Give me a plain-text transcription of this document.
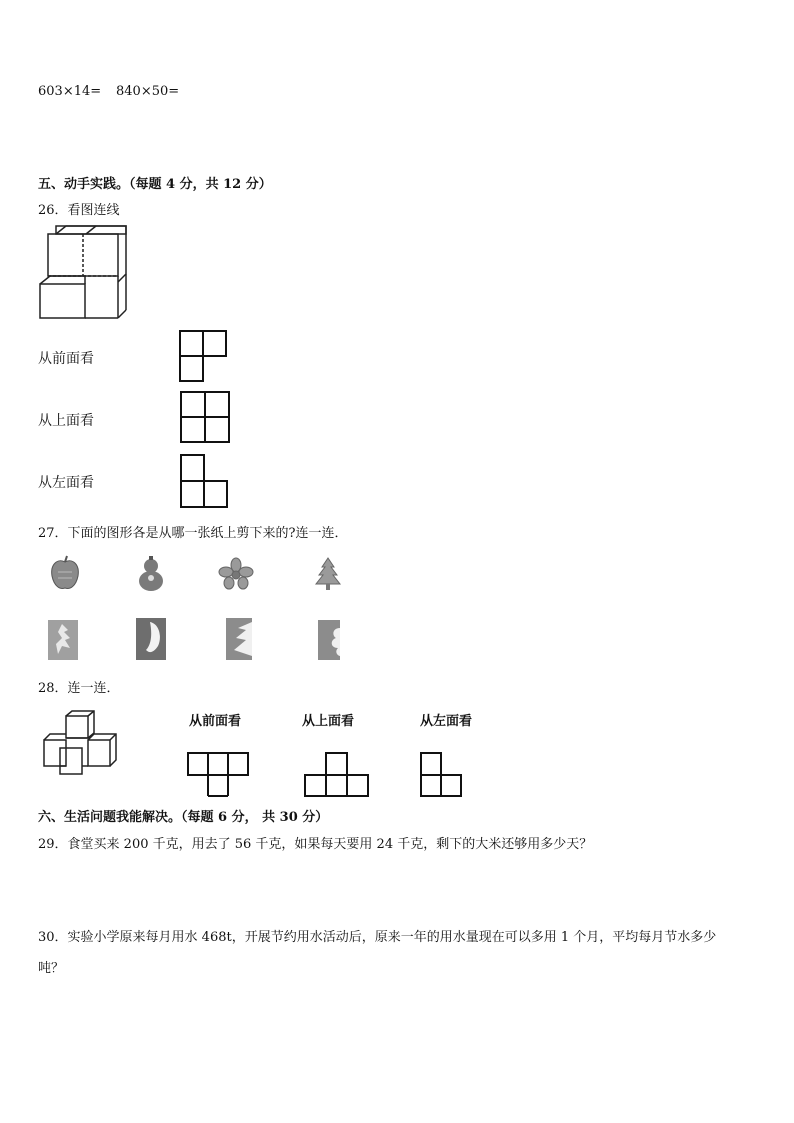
603×14= 840×50=
五、动手实践。（每题 4 分，共 12 分）
26．看图连线
从前面看
从上面看
从左面看
27．下面的图形各是从哪一张纸上剪下来的?连一连．
28．连一连．
从前面看	从上面看	从左面看
六、生活问题我能解决。（每题 6 分， 共 30 分）
29．食堂买来 200 千克，用去了 56 千克，如果每天要用 24 千克，剩下的大米还够用多少天？
30．实验小学原来每月用水 468t，开展节约用水活动后，原来一年的用水量现在可以多用 1 个月，平均每月节水多少
吨？
